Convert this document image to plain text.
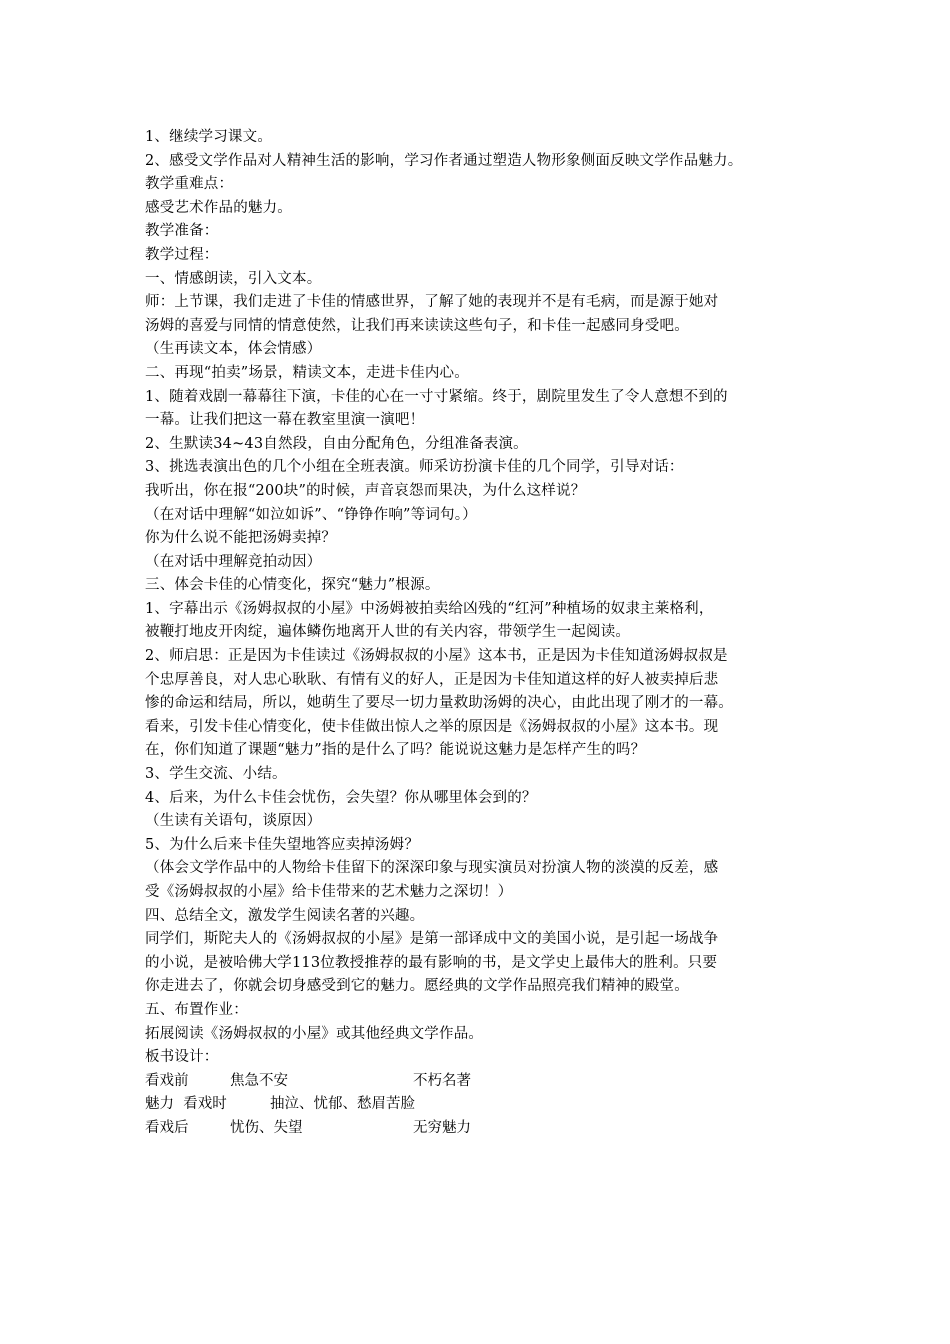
1、继续学习课文。
2、感受文学作品对人精神生活的影响，学习作者通过塑造人物形象侧面反映文学作品魅力。
教学重难点：
感受艺术作品的魅力。
教学准备：
教学过程：
一、情感朗读，引入文本。
师：上节课，我们走进了卡佳的情感世界，了解了她的表现并不是有毛病，而是源于她对
汤姆的喜爱与同情的情意使然，让我们再来读读这些句子，和卡佳一起感同身受吧。
（生再读文本，体会情感）
二、再现“拍卖”场景，精读文本，走进卡佳内心。
1、随着戏剧一幕幕往下演，卡佳的心在一寸寸紧缩。终于，剧院里发生了令人意想不到的
一幕。让我们把这一幕在教室里演一演吧！
2、生默读34~43自然段，自由分配角色，分组准备表演。
3、挑选表演出色的几个小组在全班表演。师采访扮演卡佳的几个同学，引导对话：
我听出，你在报“200块”的时候，声音哀怨而果决，为什么这样说？
（在对话中理解“如泣如诉”、“铮铮作响”等词句。）
你为什么说不能把汤姆卖掉？
（在对话中理解竞拍动因）
三、体会卡佳的心情变化，探究“魅力”根源。
1、字幕出示《汤姆叔叔的小屋》中汤姆被拍卖给凶残的“红河”种植场的奴隶主莱格利，
被鞭打地皮开肉绽，遍体鳞伤地离开人世的有关内容，带领学生一起阅读。
2、师启思：正是因为卡佳读过《汤姆叔叔的小屋》这本书，正是因为卡佳知道汤姆叔叔是
个忠厚善良，对人忠心耿耿、有情有义的好人，正是因为卡佳知道这样的好人被卖掉后悲
惨的命运和结局，所以，她萌生了要尽一切力量救助汤姆的决心，由此出现了刚才的一幕。
看来，引发卡佳心情变化，使卡佳做出惊人之举的原因是《汤姆叔叔的小屋》这本书。现
在，你们知道了课题“魅力”指的是什么了吗？能说说这魅力是怎样产生的吗？
3、学生交流、小结。
4、后来，为什么卡佳会忧伤，会失望？你从哪里体会到的？
（生读有关语句，谈原因）
5、为什么后来卡佳失望地答应卖掉汤姆？
（体会文学作品中的人物给卡佳留下的深深印象与现实演员对扮演人物的淡漠的反差，感
受《汤姆叔叔的小屋》给卡佳带来的艺术魅力之深切！）
四、总结全文，激发学生阅读名著的兴趣。
同学们，斯陀夫人的《汤姆叔叔的小屋》是第一部译成中文的美国小说，是引起一场战争
的小说，是被哈佛大学113位教授推荐的最有影响的书，是文学史上最伟大的胜利。只要
你走进去了，你就会切身感受到它的魅力。愿经典的文学作品照亮我们精神的殿堂。
五、布置作业：
拓展阅读《汤姆叔叔的小屋》或其他经典文学作品。
板书设计：
看戏前	焦急不安	不朽名著
魅力  看戏时	抽泣、忧郁、愁眉苦脸
看戏后	忧伤、失望	无穷魅力
